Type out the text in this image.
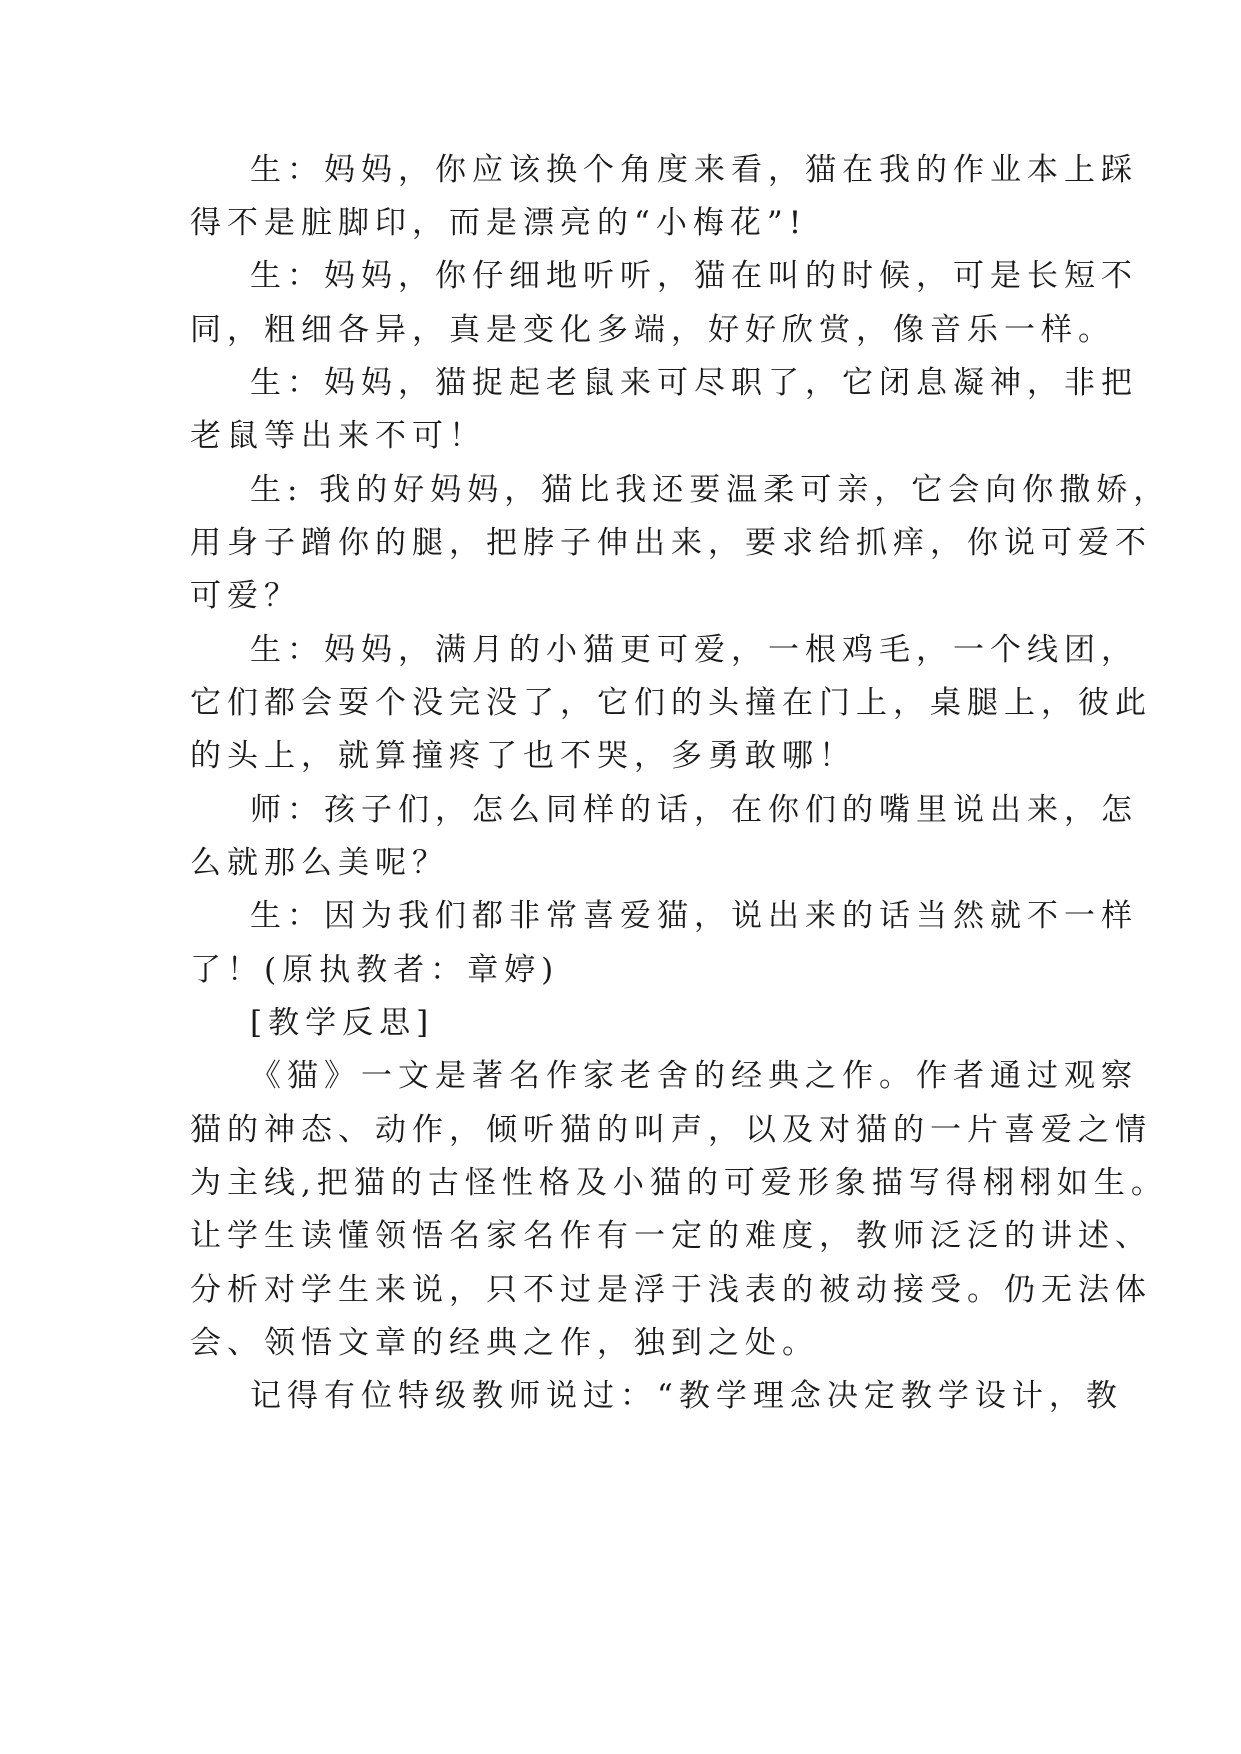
生：妈妈，你应该换个角度来看，猫在我的作业本上踩
得不是脏脚印，而是漂亮的“小梅花”!
生：妈妈，你仔细地听听，猫在叫的时候，可是长短不
同，粗细各异，真是变化多端，好好欣赏，像音乐一样。
生：妈妈，猫捉起老鼠来可尽职了，它闭息凝神，非把
老鼠等出来不可！
生: 我的好妈妈，猫比我还要温柔可亲，它会向你撒娇，
用身子蹭你的腿，把脖子伸出来，要求给抓痒，你说可爱不
可爱？
生：妈妈，满月的小猫更可爱，一根鸡毛，一个线团，
它们都会耍个没完没了，它们的头撞在门上，桌腿上，彼此
的头上，就算撞疼了也不哭，多勇敢哪！
师：孩子们，怎么同样的话，在你们的嘴里说出来，怎
么就那么美呢？
生：因为我们都非常喜爱猫，说出来的话当然就不一样
了！(原执教者：章婷)
[教学反思]
《猫》一文是著名作家老舍的经典之作。作者通过观察
猫的神态、动作，倾听猫的叫声，以及对猫的一片喜爱之情
为主线,把猫的古怪性格及小猫的可爱形象描写得栩栩如生。
让学生读懂领悟名家名作有一定的难度，教师泛泛的讲述、
分析对学生来说，只不过是浮于浅表的被动接受。仍无法体
会、领悟文章的经典之作，独到之处。
记得有位特级教师说过：“教学理念决定教学设计，教
